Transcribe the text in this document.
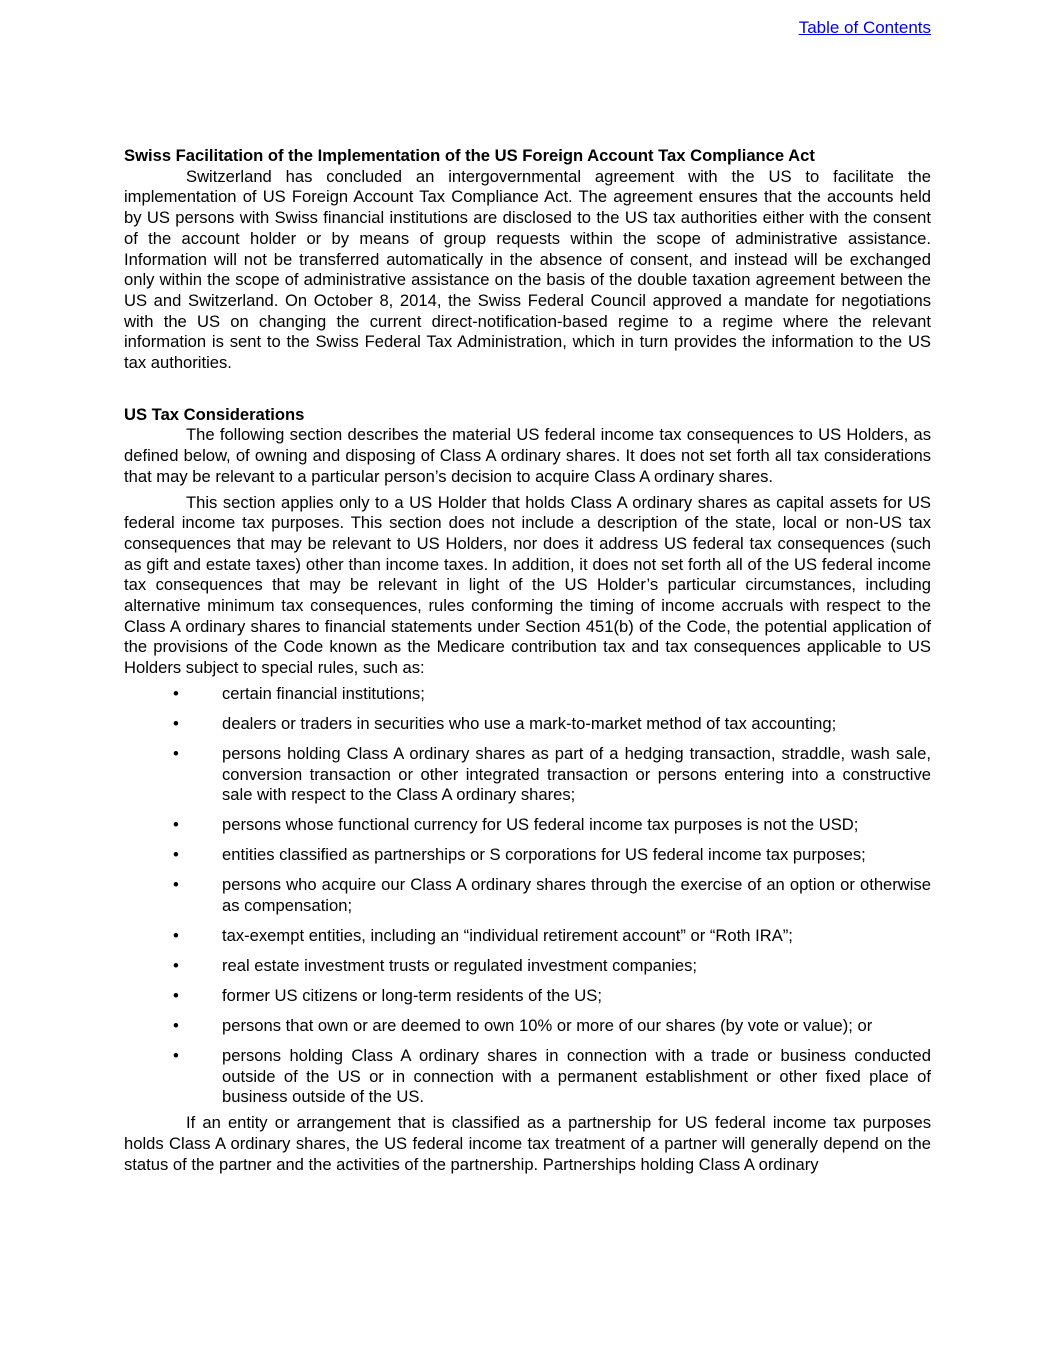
Table of Contents

Swiss Facilitation of the Implementation of the US Foreign Account Tax Compliance Act

Switzerland has concluded an intergovernmental agreement with the US to facilitate the implementation of US Foreign Account Tax Compliance Act. The agreement ensures that the accounts held by US persons with Swiss financial institutions are disclosed to the US tax authorities either with the consent of the account holder or by means of group requests within the scope of administrative assistance. Information will not be transferred automatically in the absence of consent, and instead will be exchanged only within the scope of administrative assistance on the basis of the double taxation agreement between the US and Switzerland. On October 8, 2014, the Swiss Federal Council approved a mandate for negotiations with the US on changing the current direct-notification-based regime to a regime where the relevant information is sent to the Swiss Federal Tax Administration, which in turn provides the information to the US tax authorities.

US Tax Considerations

The following section describes the material US federal income tax consequences to US Holders, as defined below, of owning and disposing of Class A ordinary shares. It does not set forth all tax considerations that may be relevant to a particular person’s decision to acquire Class A ordinary shares.

This section applies only to a US Holder that holds Class A ordinary shares as capital assets for US federal income tax purposes. This section does not include a description of the state, local or non-US tax consequences that may be relevant to US Holders, nor does it address US federal tax consequences (such as gift and estate taxes) other than income taxes. In addition, it does not set forth all of the US federal income tax consequences that may be relevant in light of the US Holder’s particular circumstances, including alternative minimum tax consequences, rules conforming the timing of income accruals with respect to the Class A ordinary shares to financial statements under Section 451(b) of the Code, the potential application of the provisions of the Code known as the Medicare contribution tax and tax consequences applicable to US Holders subject to special rules, such as:

•	certain financial institutions;
•	dealers or traders in securities who use a mark-to-market method of tax accounting;
•	persons holding Class A ordinary shares as part of a hedging transaction, straddle, wash sale, conversion transaction or other integrated transaction or persons entering into a constructive sale with respect to the Class A ordinary shares;
•	persons whose functional currency for US federal income tax purposes is not the USD;
•	entities classified as partnerships or S corporations for US federal income tax purposes;
•	persons who acquire our Class A ordinary shares through the exercise of an option or otherwise as compensation;
•	tax-exempt entities, including an “individual retirement account” or “Roth IRA”;
•	real estate investment trusts or regulated investment companies;
•	former US citizens or long-term residents of the US;
•	persons that own or are deemed to own 10% or more of our shares (by vote or value); or
•	persons holding Class A ordinary shares in connection with a trade or business conducted outside of the US or in connection with a permanent establishment or other fixed place of business outside of the US.

If an entity or arrangement that is classified as a partnership for US federal income tax purposes holds Class A ordinary shares, the US federal income tax treatment of a partner will generally depend on the status of the partner and the activities of the partnership. Partnerships holding Class A ordinary
